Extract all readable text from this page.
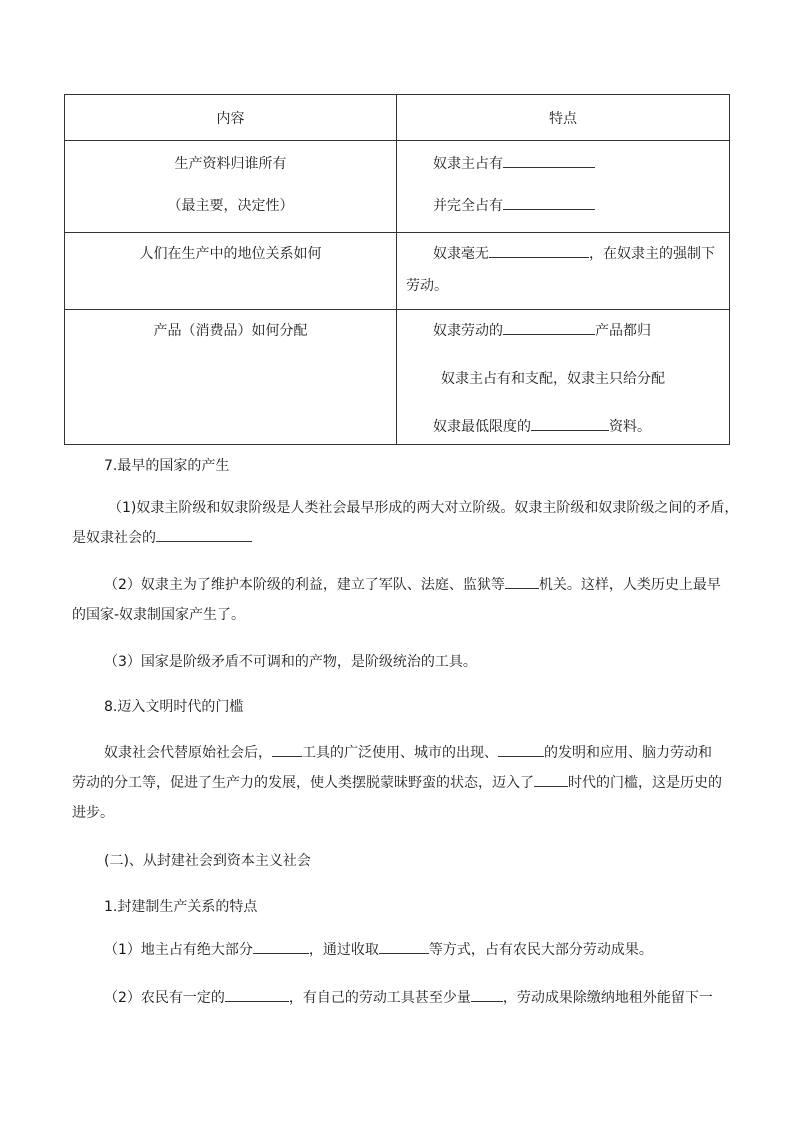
内容	特点

生产资料归谁所有
（最主要，决定性）	奴隶主占有
并完全占有

人们在生产中的地位关系如何	奴隶毫无 ，在奴隶主的强制下
劳动。

产品（消费品）如何分配	奴隶劳动的 产品都归
奴隶主占有和支配，奴隶主只给分配
奴隶最低限度的 资料。

7.最早的国家的产生

（1)奴隶主阶级和奴隶阶级是人类社会最早形成的两大对立阶级。奴隶主阶级和奴隶阶级之间的矛盾，
是奴隶社会的
（2）奴隶主为了维护本阶级的利益，建立了军队、法庭、监狱等 机关。这样，人类历史上最早
的国家-奴隶制国家产生了。

（3）国家是阶级矛盾不可调和的产物，是阶级统治的工具。

8.迈入文明时代的门槛

奴隶社会代替原始社会后， 工具的广泛使用、城市的出现、	的发明和应用、脑力劳动和
劳动的分工等，促进了生产力的发展，使人类摆脱蒙昧野蛮的状态，迈入了 时代的门槛，这是历史的
进步。

(二)、从封建社会到资本主义社会

1.封建制生产关系的特点

（1）地主占有绝大部分	，通过收取	等方式，占有农民大部分劳动成果。
（2）农民有一定的	，有自己的劳动工具甚至少量 ，劳动成果除缴纳地租外能留下一
